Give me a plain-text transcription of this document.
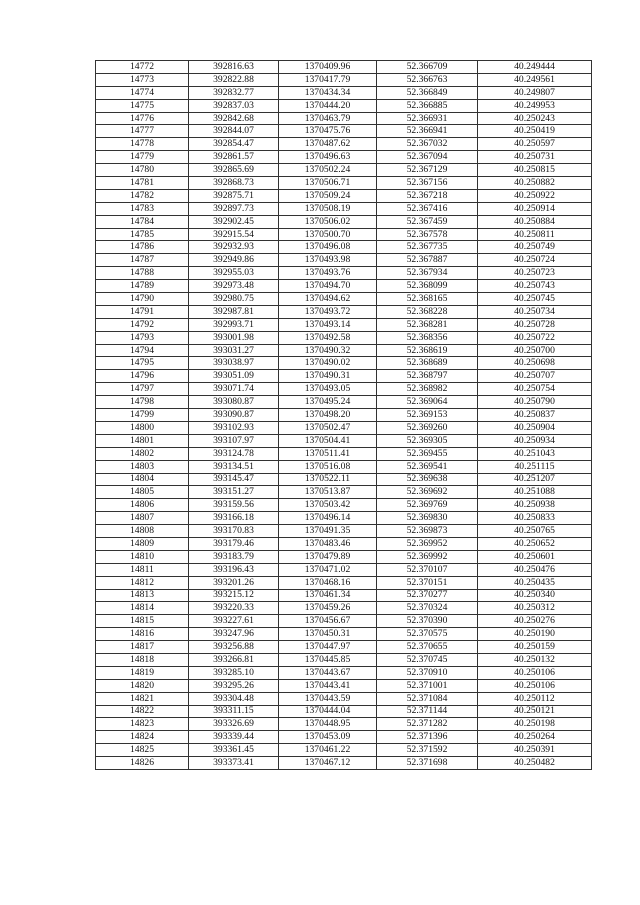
14772	392816.63	1370409.96	52.366709	40.249444
14773	392822.88	1370417.79	52.366763	40.249561
14774	392832.77	1370434.34	52.366849	40.249807
14775	392837.03	1370444.20	52.366885	40.249953
14776	392842.68	1370463.79	52.366931	40.250243
14777	392844.07	1370475.76	52.366941	40.250419
14778	392854.47	1370487.62	52.367032	40.250597
14779	392861.57	1370496.63	52.367094	40.250731
14780	392865.69	1370502.24	52.367129	40.250815
14781	392868.73	1370506.71	52.367156	40.250882
14782	392875.71	1370509.24	52.367218	40.250922
14783	392897.73	1370508.19	52.367416	40.250914
14784	392902.45	1370506.02	52.367459	40.250884
14785	392915.54	1370500.70	52.367578	40.250811
14786	392932.93	1370496.08	52.367735	40.250749
14787	392949.86	1370493.98	52.367887	40.250724
14788	392955.03	1370493.76	52.367934	40.250723
14789	392973.48	1370494.70	52.368099	40.250743
14790	392980.75	1370494.62	52.368165	40.250745
14791	392987.81	1370493.72	52.368228	40.250734
14792	392993.71	1370493.14	52.368281	40.250728
14793	393001.98	1370492.58	52.368356	40.250722
14794	393031.27	1370490.32	52.368619	40.250700
14795	393038.97	1370490.02	52.368689	40.250698
14796	393051.09	1370490.31	52.368797	40.250707
14797	393071.74	1370493.05	52.368982	40.250754
14798	393080.87	1370495.24	52.369064	40.250790
14799	393090.87	1370498.20	52.369153	40.250837
14800	393102.93	1370502.47	52.369260	40.250904
14801	393107.97	1370504.41	52.369305	40.250934
14802	393124.78	1370511.41	52.369455	40.251043
14803	393134.51	1370516.08	52.369541	40.251115
14804	393145.47	1370522.11	52.369638	40.251207
14805	393151.27	1370513.87	52.369692	40.251088
14806	393159.56	1370503.42	52.369769	40.250938
14807	393166.18	1370496.14	52.369830	40.250833
14808	393170.83	1370491.35	52.369873	40.250765
14809	393179.46	1370483.46	52.369952	40.250652
14810	393183.79	1370479.89	52.369992	40.250601
14811	393196.43	1370471.02	52.370107	40.250476
14812	393201.26	1370468.16	52.370151	40.250435
14813	393215.12	1370461.34	52.370277	40.250340
14814	393220.33	1370459.26	52.370324	40.250312
14815	393227.61	1370456.67	52.370390	40.250276
14816	393247.96	1370450.31	52.370575	40.250190
14817	393256.88	1370447.97	52.370655	40.250159
14818	393266.81	1370445.85	52.370745	40.250132
14819	393285.10	1370443.67	52.370910	40.250106
14820	393295.26	1370443.41	52.371001	40.250106
14821	393304.48	1370443.59	52.371084	40.250112
14822	393311.15	1370444.04	52.371144	40.250121
14823	393326.69	1370448.95	52.371282	40.250198
14824	393339.44	1370453.09	52.371396	40.250264
14825	393361.45	1370461.22	52.371592	40.250391
14826	393373.41	1370467.12	52.371698	40.250482
